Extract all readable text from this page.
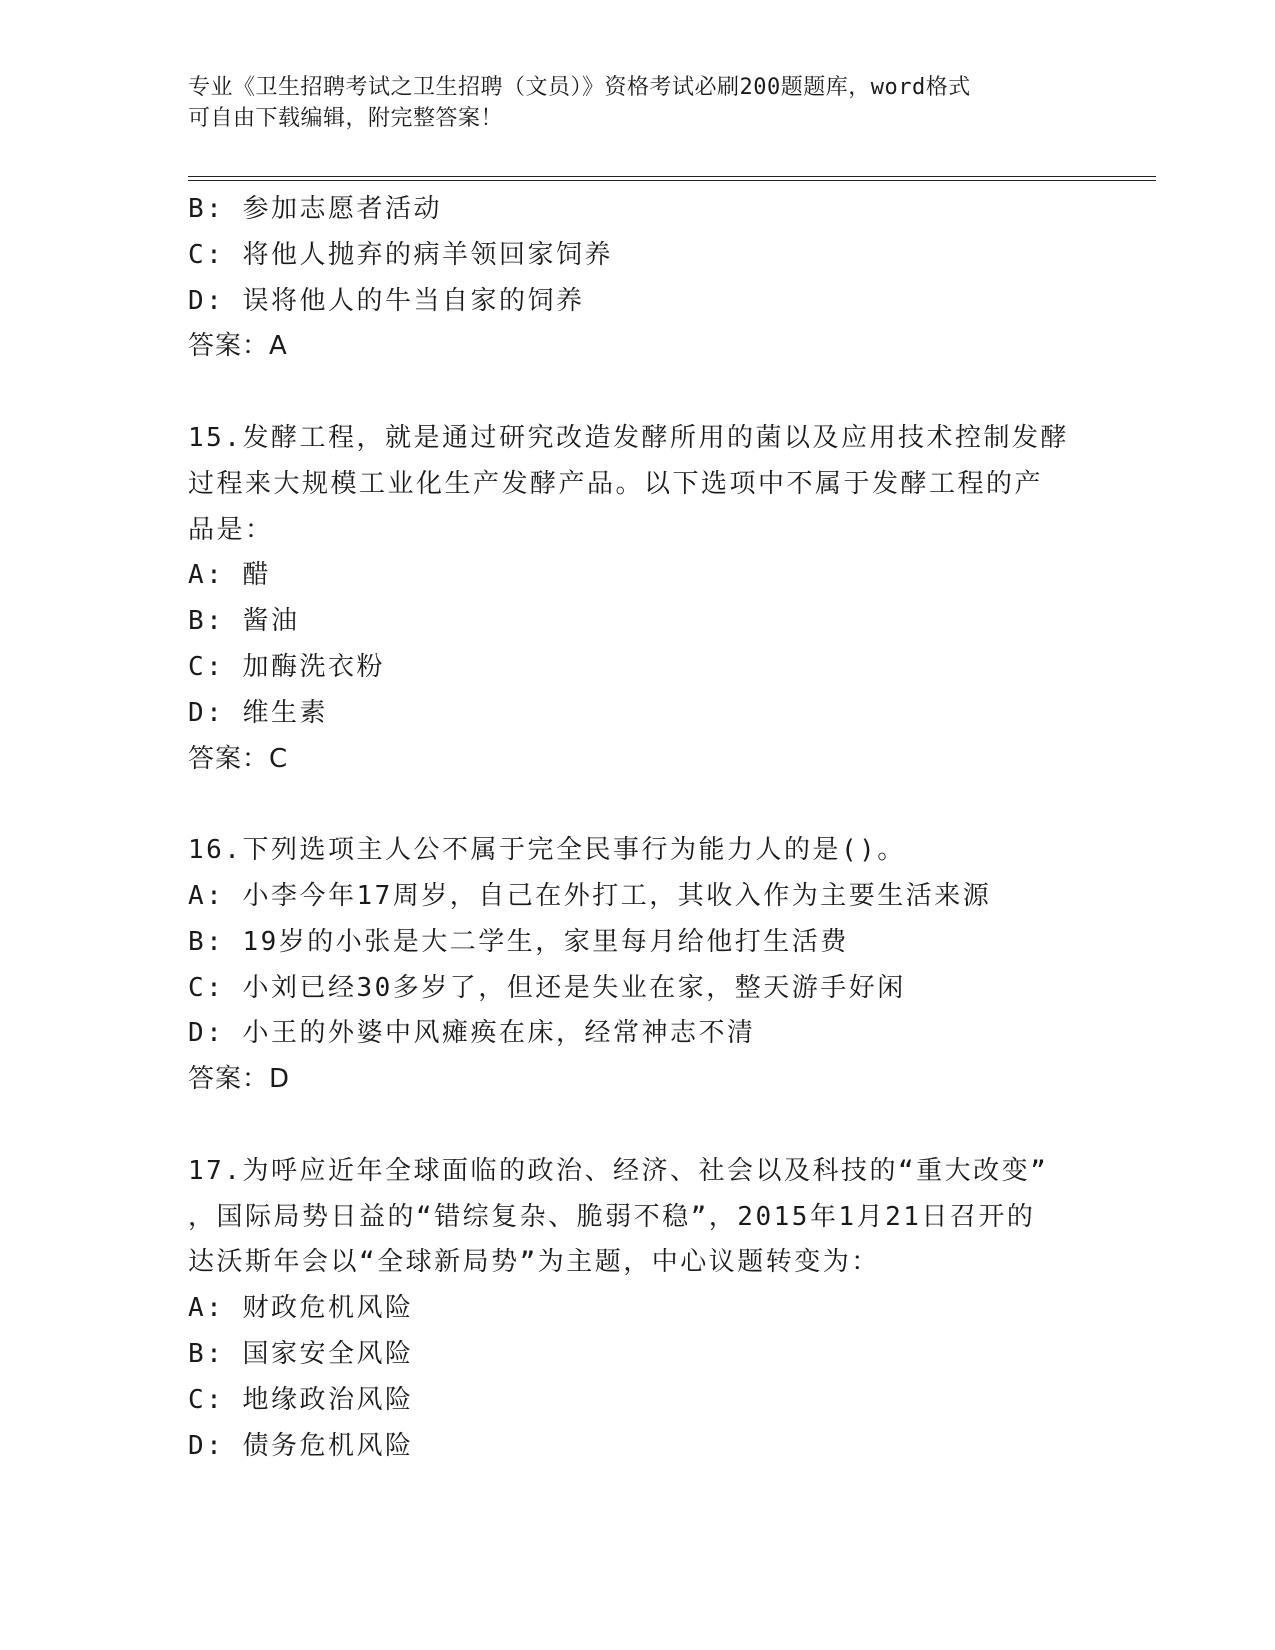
专业《卫生招聘考试之卫生招聘（文员）》资格考试必刷200题题库，word格式
可自由下载编辑，附完整答案！
B: 参加志愿者活动
C: 将他人抛弃的病羊领回家饲养
D: 误将他人的牛当自家的饲养
答案：A
15.发酵工程，就是通过研究改造发酵所用的菌以及应用技术控制发酵
过程来大规模工业化生产发酵产品。以下选项中不属于发酵工程的产
品是：
A: 醋
B: 酱油
C: 加酶洗衣粉
D: 维生素
答案：C
16.下列选项主人公不属于完全民事行为能力人的是()。
A: 小李今年17周岁，自己在外打工，其收入作为主要生活来源
B: 19岁的小张是大二学生，家里每月给他打生活费
C: 小刘已经30多岁了，但还是失业在家，整天游手好闲
D: 小王的外婆中风瘫痪在床，经常神志不清
答案：D
17.为呼应近年全球面临的政治、经济、社会以及科技的“重大改变”
，国际局势日益的“错综复杂、脆弱不稳”，2015年1月21日召开的
达沃斯年会以“全球新局势”为主题，中心议题转变为：
A: 财政危机风险
B: 国家安全风险
C: 地缘政治风险
D: 债务危机风险
